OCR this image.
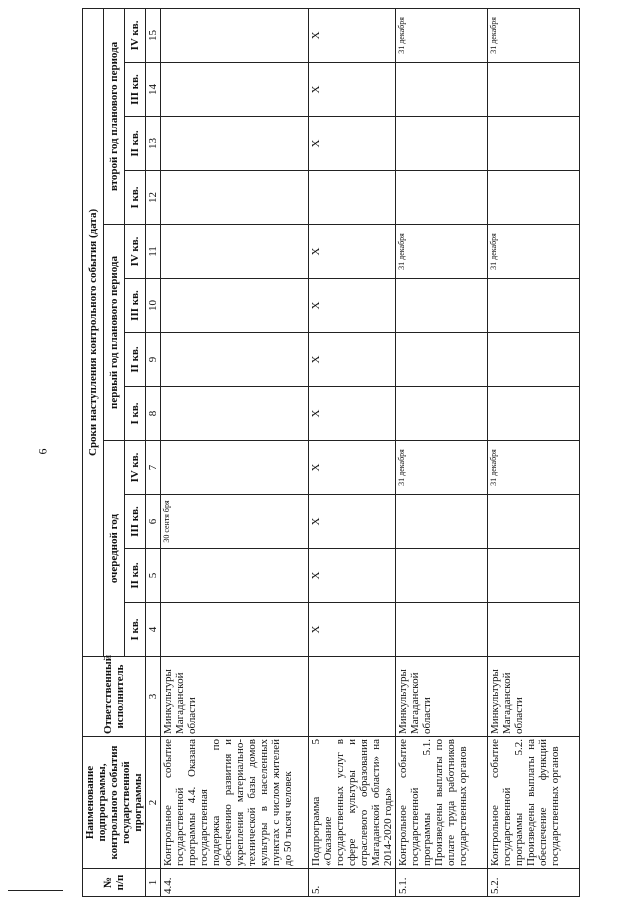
6
№ п/п	Наименование подпрограммы, контрольного события государственной программы	Ответственный исполнитель	Сроки наступления контрольного события (дата)											
			очередной год				первый год планового периода				второй год планового периода			
			I кв.	II кв.	III кв.	IV кв.	I кв.	II кв.	III кв.	IV кв.	I кв.	II кв.	III кв.	IV кв.
1	2	3	4	5	6	7	8	9	10	11	12	13	14	15
4.4.	Контрольное событие государственной программы 4.4. Оказана государственная поддержка по обеспечению развития и укрепления материально-технической базы домов культуры в населенных пунктах с числом жителей до 50 тысяч человек	Минкультуры Магаданской области			30 сентя бря									

5.	Подпрограмма 5 «Оказание государственных услуг в сфере культуры и отраслевого образования Магаданской области» на 2014-2020 годы»		X	X	X	X	X	X	X	X		X	X	X
5.1.	Контрольное событие государственной программы 5.1. Произведены выплаты по оплате труда работников государственных органов	Минкультуры Магаданской области				31 декабря				31 декабря				31 декабря

5.2.	Контрольное событие государственной программы 5.2. Произведены выплаты на обеспечение функций государственных органов	Минкультуры Магаданской области				31 декабря				31 декабря				31 декабря
